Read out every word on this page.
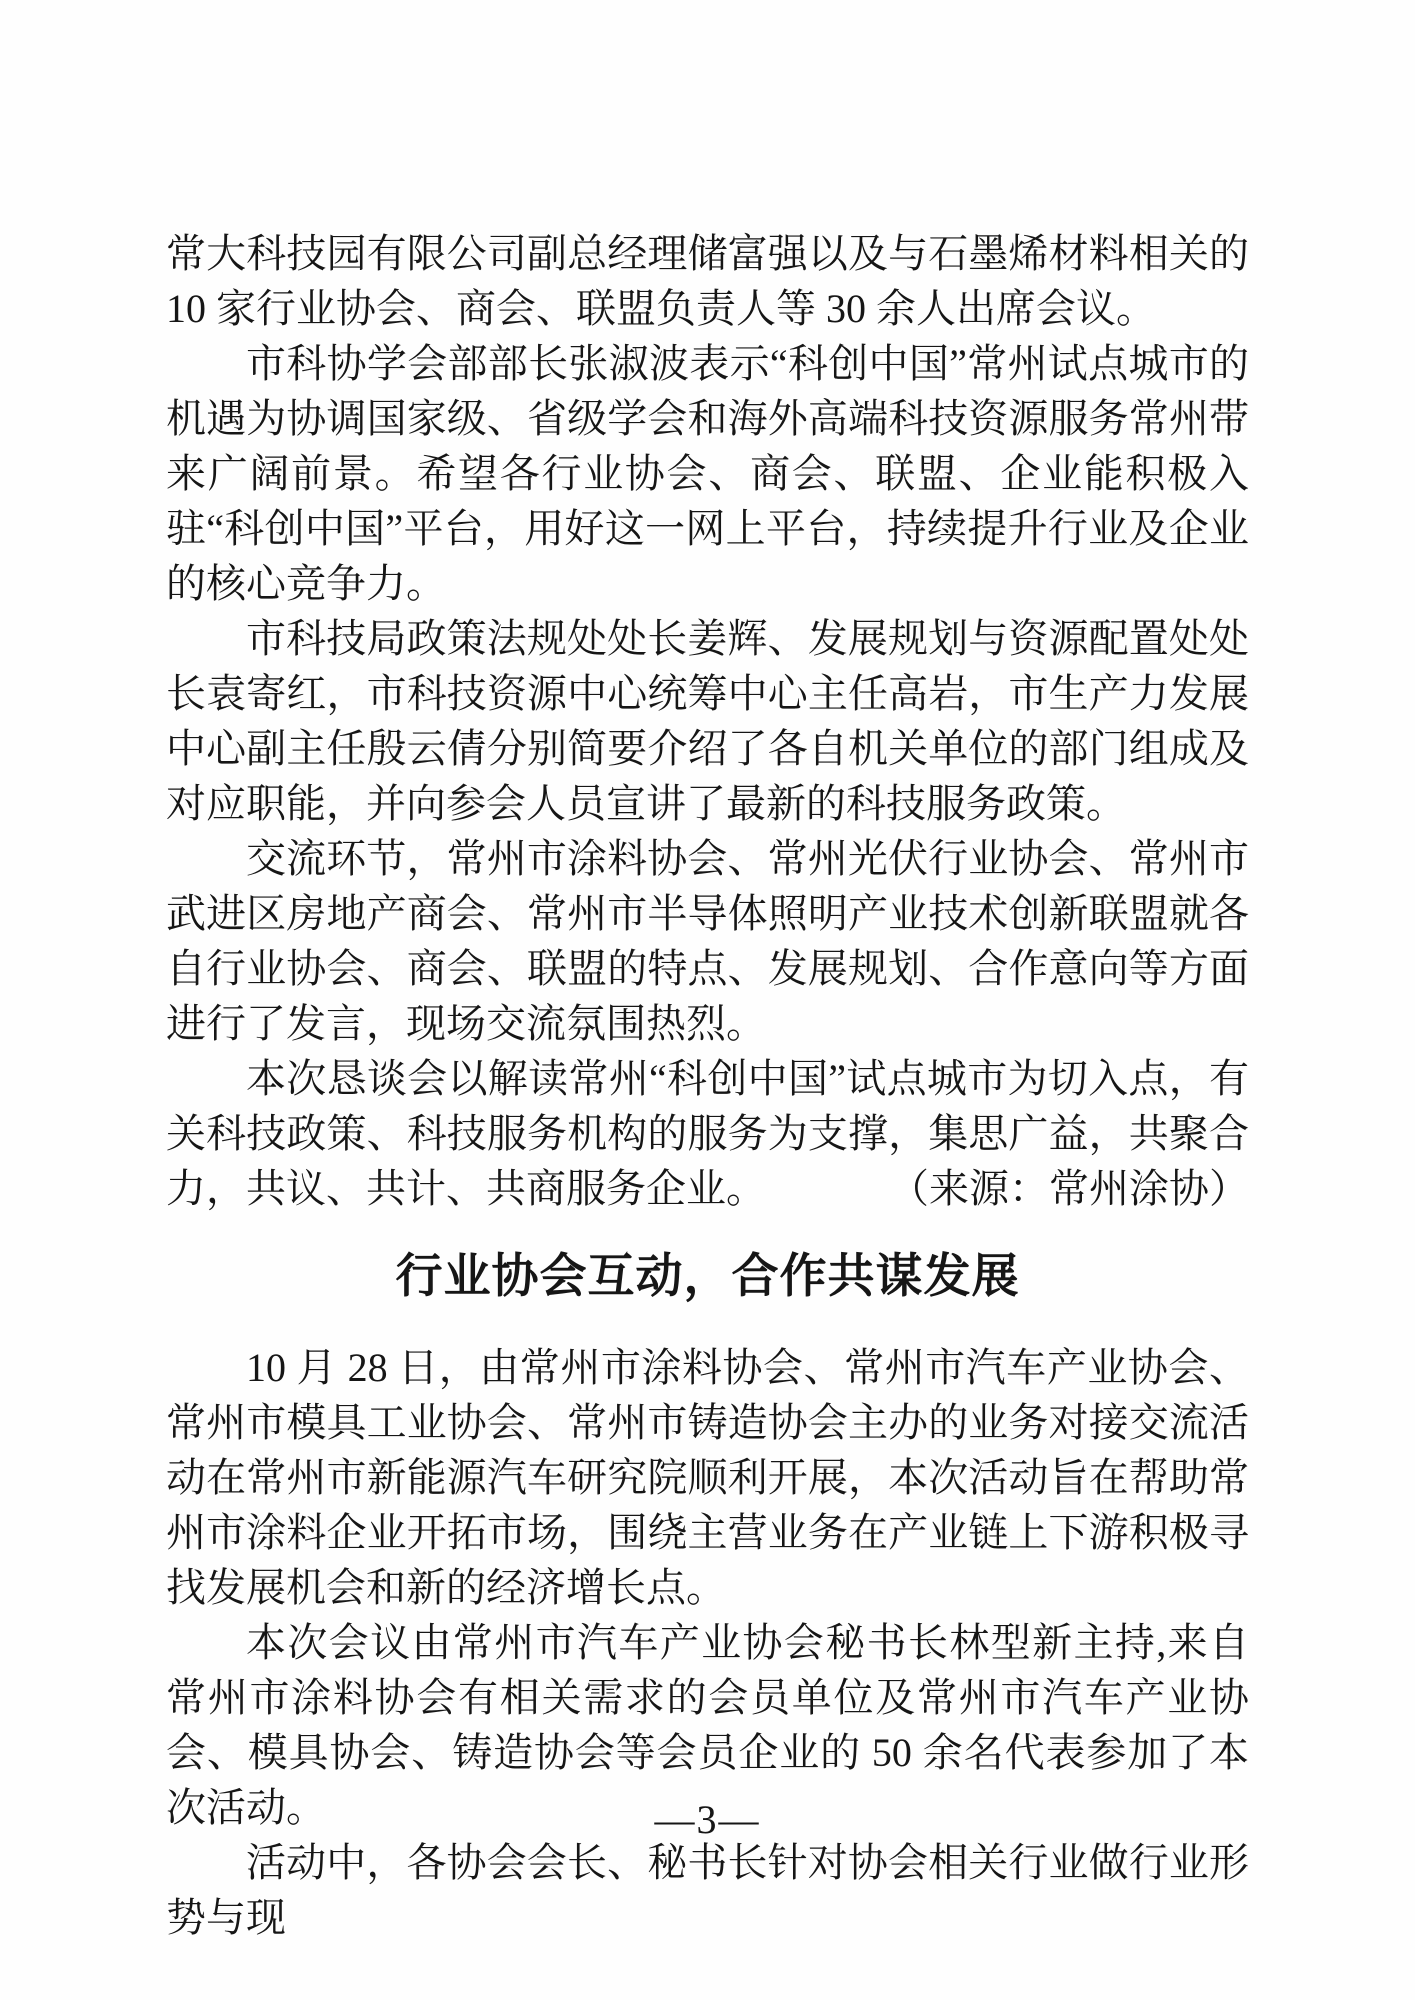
常大科技园有限公司副总经理储富强以及与石墨烯材料相关的 10 家行业协会、商会、联盟负责人等 30 余人出席会议。

市科协学会部部长张淑波表示“科创中国”常州试点城市的机遇为协调国家级、省级学会和海外高端科技资源服务常州带来广阔前景。希望各行业协会、商会、联盟、企业能积极入驻“科创中国”平台，用好这一网上平台，持续提升行业及企业的核心竞争力。

市科技局政策法规处处长姜辉、发展规划与资源配置处处长袁寄红，市科技资源中心统筹中心主任高岩，市生产力发展中心副主任殷云倩分别简要介绍了各自机关单位的部门组成及对应职能，并向参会人员宣讲了最新的科技服务政策。

交流环节，常州市涂料协会、常州光伏行业协会、常州市武进区房地产商会、常州市半导体照明产业技术创新联盟就各自行业协会、商会、联盟的特点、发展规划、合作意向等方面进行了发言，现场交流氛围热烈。

本次恳谈会以解读常州“科创中国”试点城市为切入点，有关科技政策、科技服务机构的服务为支撑，集思广益，共聚合力，共议、共计、共商服务企业。	（来源：常州涂协）

行业协会互动，合作共谋发展

10 月 28 日，由常州市涂料协会、常州市汽车产业协会、常州市模具工业协会、常州市铸造协会主办的业务对接交流活动在常州市新能源汽车研究院顺利开展，本次活动旨在帮助常州市涂料企业开拓市场，围绕主营业务在产业链上下游积极寻找发展机会和新的经济增长点。

本次会议由常州市汽车产业协会秘书长林型新主持,来自常州市涂料协会有相关需求的会员单位及常州市汽车产业协会、模具协会、铸造协会等会员企业的 50 余名代表参加了本次活动。

活动中，各协会会长、秘书长针对协会相关行业做行业形势与现

—3—
